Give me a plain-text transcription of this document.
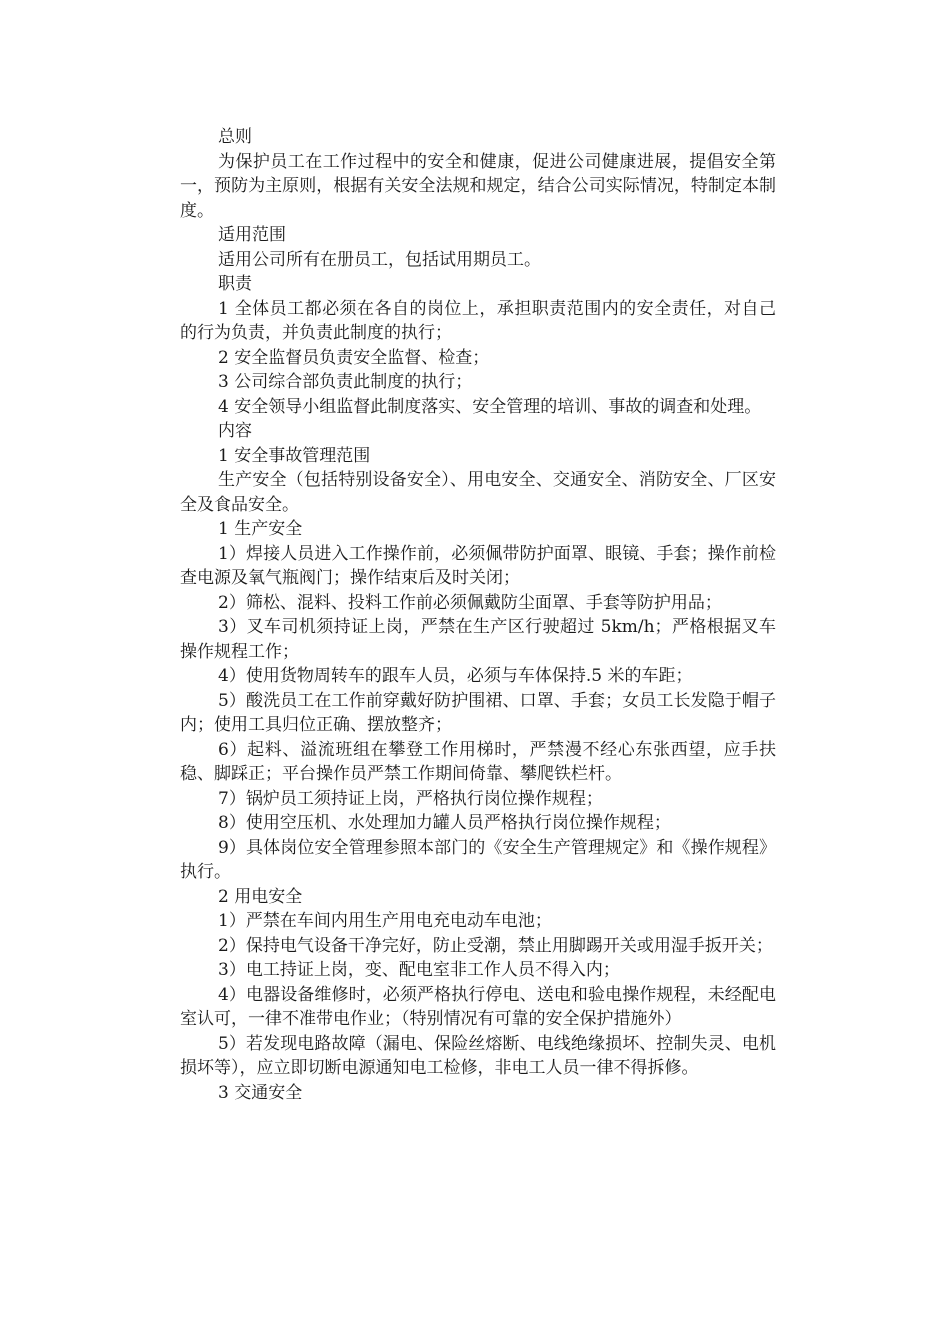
总则

为保护员工在工作过程中的安全和健康，促进公司健康进展，提倡安全第一，预防为主原则，根据有关安全法规和规定，结合公司实际情况，特制定本制度。

适用范围

适用公司所有在册员工，包括试用期员工。

职责

1 全体员工都必须在各自的岗位上，承担职责范围内的安全责任，对自己的行为负责，并负责此制度的执行；

2 安全监督员负责安全监督、检查；

3 公司综合部负责此制度的执行；

4 安全领导小组监督此制度落实、安全管理的培训、事故的调查和处理。

内容

1 安全事故管理范围

生产安全（包括特别设备安全）、用电安全、交通安全、消防安全、厂区安全及食品安全。

1 生产安全

1）焊接人员进入工作操作前，必须佩带防护面罩、眼镜、手套；操作前检查电源及氧气瓶阀门；操作结束后及时关闭；

2）筛松、混料、投料工作前必须佩戴防尘面罩、手套等防护用品；

3）叉车司机须持证上岗，严禁在生产区行驶超过 5km/h；严格根据叉车操作规程工作；

4）使用货物周转车的跟车人员，必须与车体保持.5 米的车距；

5）酸洗员工在工作前穿戴好防护围裙、口罩、手套；女员工长发隐于帽子内；使用工具归位正确、摆放整齐；

6）起料、溢流班组在攀登工作用梯时，严禁漫不经心东张西望，应手扶稳、脚踩正；平台操作员严禁工作期间倚靠、攀爬铁栏杆。

7）锅炉员工须持证上岗，严格执行岗位操作规程；

8）使用空压机、水处理加力罐人员严格执行岗位操作规程；

9）具体岗位安全管理参照本部门的《安全生产管理规定》和《操作规程》执行。

2 用电安全

1）严禁在车间内用生产用电充电动车电池；

2）保持电气设备干净完好，防止受潮，禁止用脚踢开关或用湿手扳开关；

3）电工持证上岗，变、配电室非工作人员不得入内；

4）电器设备维修时，必须严格执行停电、送电和验电操作规程，未经配电室认可，一律不准带电作业；（特别情况有可靠的安全保护措施外）

5）若发现电路故障（漏电、保险丝熔断、电线绝缘损坏、控制失灵、电机损坏等），应立即切断电源通知电工检修，非电工人员一律不得拆修。

3 交通安全
